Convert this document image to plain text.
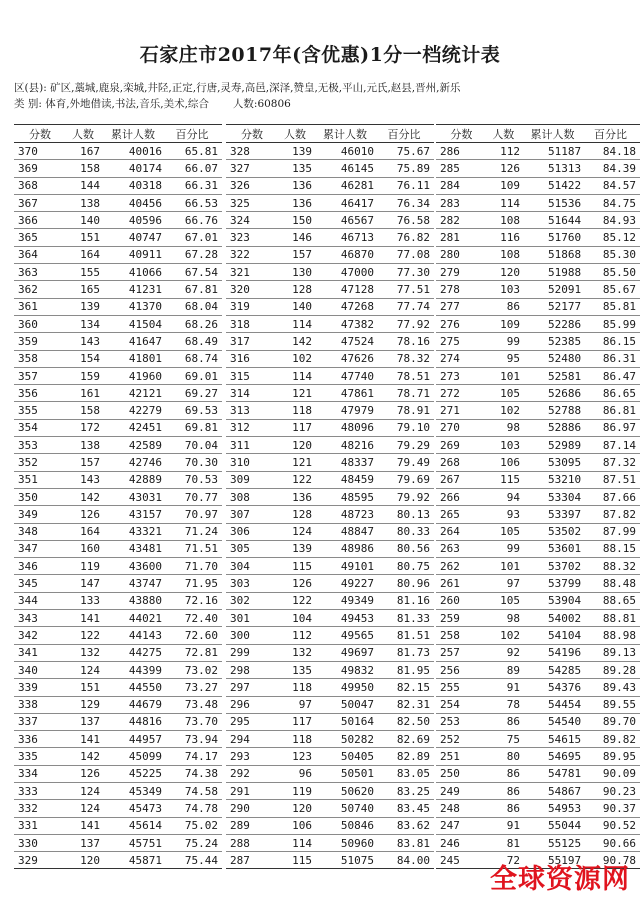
石家庄市2017年(含优惠)1分一档统计表
区(县): 矿区,藁城,鹿泉,栾城,井陉,正定,行唐,灵寿,高邑,深泽,赞皇,无极,平山,元氏,赵县,晋州,新乐
类 别: 体育,外地借读,书法,音乐,美术,综合 人数:60806
分数	人数	累计人数	百分比
370	167	40016	65.81
369	158	40174	66.07
368	144	40318	66.31
367	138	40456	66.53
366	140	40596	66.76
365	151	40747	67.01
364	164	40911	67.28
363	155	41066	67.54
362	165	41231	67.81
361	139	41370	68.04
360	134	41504	68.26
359	143	41647	68.49
358	154	41801	68.74
357	159	41960	69.01
356	161	42121	69.27
355	158	42279	69.53
354	172	42451	69.81
353	138	42589	70.04
352	157	42746	70.30
351	143	42889	70.53
350	142	43031	70.77
349	126	43157	70.97
348	164	43321	71.24
347	160	43481	71.51
346	119	43600	71.70
345	147	43747	71.95
344	133	43880	72.16
343	141	44021	72.40
342	122	44143	72.60
341	132	44275	72.81
340	124	44399	73.02
339	151	44550	73.27
338	129	44679	73.48
337	137	44816	73.70
336	141	44957	73.94
335	142	45099	74.17
334	126	45225	74.38
333	124	45349	74.58
332	124	45473	74.78
331	141	45614	75.02
330	137	45751	75.24
329	120	45871	75.44
分数	人数	累计人数	百分比
328	139	46010	75.67
327	135	46145	75.89
326	136	46281	76.11
325	136	46417	76.34
324	150	46567	76.58
323	146	46713	76.82
322	157	46870	77.08
321	130	47000	77.30
320	128	47128	77.51
319	140	47268	77.74
318	114	47382	77.92
317	142	47524	78.16
316	102	47626	78.32
315	114	47740	78.51
314	121	47861	78.71
313	118	47979	78.91
312	117	48096	79.10
311	120	48216	79.29
310	121	48337	79.49
309	122	48459	79.69
308	136	48595	79.92
307	128	48723	80.13
306	124	48847	80.33
305	139	48986	80.56
304	115	49101	80.75
303	126	49227	80.96
302	122	49349	81.16
301	104	49453	81.33
300	112	49565	81.51
299	132	49697	81.73
298	135	49832	81.95
297	118	49950	82.15
296	97	50047	82.31
295	117	50164	82.50
294	118	50282	82.69
293	123	50405	82.89
292	96	50501	83.05
291	119	50620	83.25
290	120	50740	83.45
289	106	50846	83.62
288	114	50960	83.81
287	115	51075	84.00
分数	人数	累计人数	百分比
286	112	51187	84.18
285	126	51313	84.39
284	109	51422	84.57
283	114	51536	84.75
282	108	51644	84.93
281	116	51760	85.12
280	108	51868	85.30
279	120	51988	85.50
278	103	52091	85.67
277	86	52177	85.81
276	109	52286	85.99
275	99	52385	86.15
274	95	52480	86.31
273	101	52581	86.47
272	105	52686	86.65
271	102	52788	86.81
270	98	52886	86.97
269	103	52989	87.14
268	106	53095	87.32
267	115	53210	87.51
266	94	53304	87.66
265	93	53397	87.82
264	105	53502	87.99
263	99	53601	88.15
262	101	53702	88.32
261	97	53799	88.48
260	105	53904	88.65
259	98	54002	88.81
258	102	54104	88.98
257	92	54196	89.13
256	89	54285	89.28
255	91	54376	89.43
254	78	54454	89.55
253	86	54540	89.70
252	75	54615	89.82
251	80	54695	89.95
250	86	54781	90.09
249	86	54867	90.23
248	86	54953	90.37
247	91	55044	90.52
246	81	55125	90.66
245	72	55197	90.78
全球资源网
